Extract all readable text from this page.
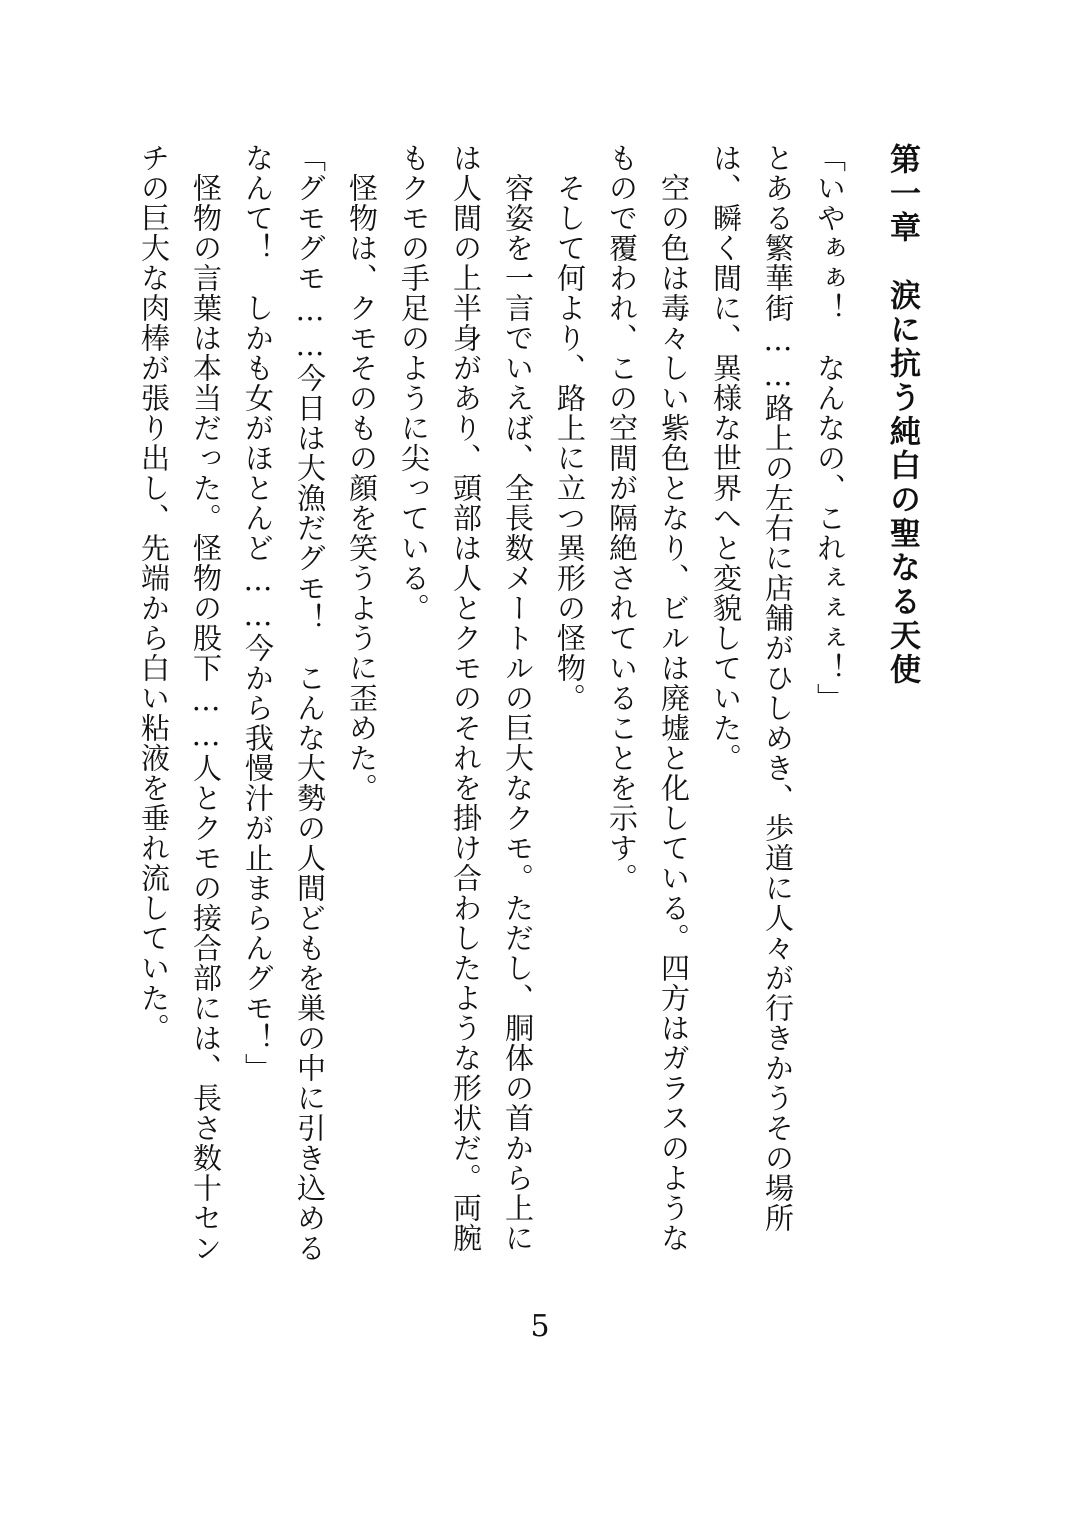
第一章　涙に抗う純白の聖なる天使

「いやぁぁ！　なんなの、これぇぇぇ！」

とある繁華街……路上の左右に店舗がひしめき、歩道に人々が行きかうその場所は、瞬く間に、異様な世界へと変貌していた。

　空の色は毒々しい紫色となり、ビルは廃墟と化している。四方はガラスのようなもので覆われ、この空間が隔絶されていることを示す。

　そして何より、路上に立つ異形の怪物。

　容姿を一言でいえば、全長数メートルの巨大なクモ。ただし、胴体の首から上には人間の上半身があり、頭部は人とクモのそれを掛け合わしたような形状だ。両腕もクモの手足のように尖っている。

　怪物は、クモそのもの顔を笑うように歪めた。

「グモグモ……今日は大漁だグモ！　こんな大勢の人間どもを巣の中に引き込めるなんて！　しかも女がほとんど……今から我慢汁が止まらんグモ！」

　怪物の言葉は本当だった。怪物の股下……人とクモの接合部には、長さ数十センチの巨大な肉棒が張り出し、先端から白い粘液を垂れ流していた。

5
